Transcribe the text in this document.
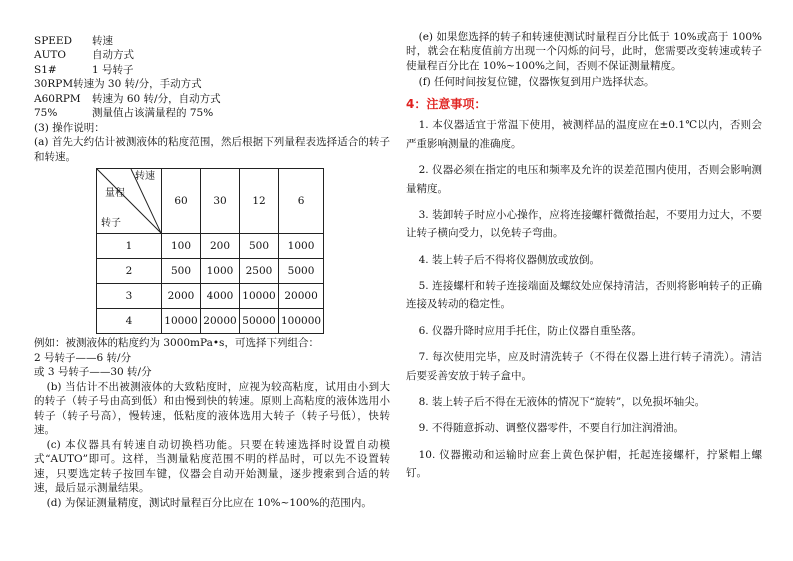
SPEED 转速
AUTO 自动方式
S1#	1 号转子
30RPM转速为 30 转/分，手动方式
A60RPM 转速为 60 转/分，自动方式
75%	测量值占该满量程的 75%
(3) 操作说明：

(a) 首先大约估计被测液体的粘度范围，然后根据下列量程表选择适合的转子和转速。

转速
量程
转子	60	30	12	6
1	100	200	500	1000
2	500	1000	2500	5000
3	2000	4000	10000	20000
4	10000	20000	50000	100000
例如：被测液体的粘度约为 3000mPa•s，可选择下列组合：
2 号转子——6 转/分
或 3 号转子——30 转/分

(b) 当估计不出被测液体的大致粘度时，应视为较高粘度，试用由小到大的转子（转子号由高到低）和由慢到快的转速。原则上高粘度的液体选用小转子（转子号高），慢转速，低粘度的液体选用大转子（转子号低），快转速。

(c) 本仪器具有转速自动切换档功能。只要在转速选择时设置自动模式“AUTO”即可。这样，当测量粘度范围不明的样品时，可以先不设置转速，只要选定转子按回车键，仪器会自动开始测量，逐步搜索到合适的转速，最后显示测量结果。

(d) 为保证测量精度，测试时量程百分比应在 10%~100%的范围内。

(e) 如果您选择的转子和转速使测试时量程百分比低于 10%或高于 100%时，就会在粘度值前方出现一个闪烁的问号，此时，您需要改变转速或转子使量程百分比在 10%~100%之间，否则不保证测量精度。

(f) 任何时间按复位键，仪器恢复到用户选择状态。

4：注意事项：

1. 本仪器适宜于常温下使用，被测样品的温度应在±0.1℃以内，否则会严重影响测量的准确度。

2. 仪器必须在指定的电压和频率及允许的误差范围内使用，否则会影响测量精度。

3. 装卸转子时应小心操作，应将连接螺杆微微抬起，不要用力过大，不要让转子横向受力，以免转子弯曲。

4. 装上转子后不得将仪器侧放或放倒。

5. 连接螺杆和转子连接端面及螺纹处应保持清洁，否则将影响转子的正确连接及转动的稳定性。

6. 仪器升降时应用手托住，防止仪器自重坠落。

7. 每次使用完毕，应及时清洗转子（不得在仪器上进行转子清洗）。清洁后要妥善安放于转子盒中。

8. 装上转子后不得在无液体的情况下“旋转”，以免损坏轴尖。

9. 不得随意拆动、调整仪器零件，不要自行加注润滑油。

10. 仪器搬动和运输时应套上黄色保护帽，托起连接螺杆，拧紧帽上螺钉。
